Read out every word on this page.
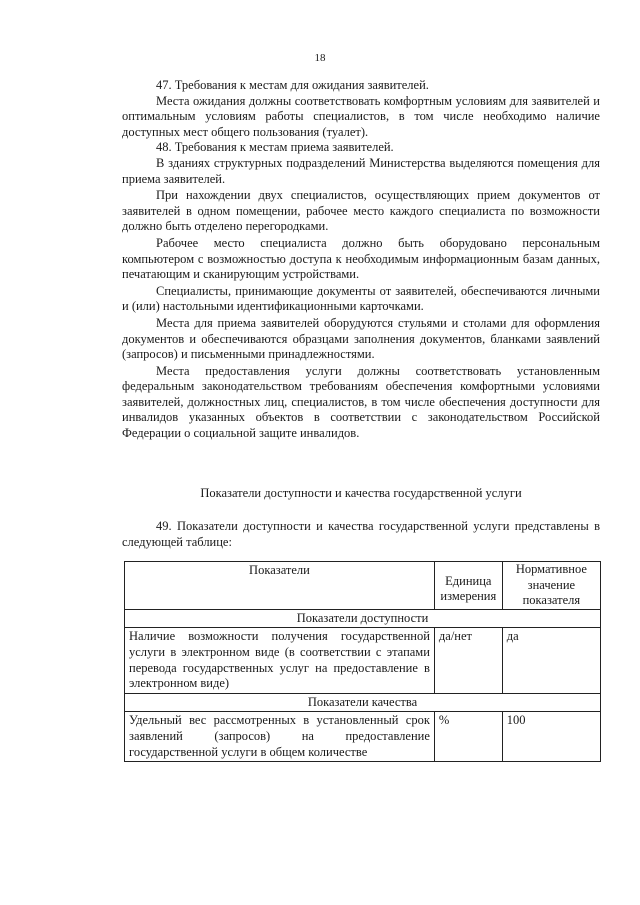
18

47. Требования к местам для ожидания заявителей.

Места ожидания должны соответствовать комфортным условиям для заявителей и оптимальным условиям работы специалистов, в том числе необходимо наличие доступных мест общего пользования (туалет).

48. Требования к местам приема заявителей.

В зданиях структурных подразделений Министерства выделяются помещения для приема заявителей.

При нахождении двух специалистов, осуществляющих прием документов от заявителей в одном помещении, рабочее место каждого специалиста по возможности должно быть отделено перегородками.

Рабочее место специалиста должно быть оборудовано персональным компьютером с возможностью доступа к необходимым информационным базам данных, печатающим и сканирующим устройствами.

Специалисты, принимающие документы от заявителей, обеспечиваются личными и (или) настольными идентификационными карточками.

Места для приема заявителей оборудуются стульями и столами для оформления документов и обеспечиваются образцами заполнения документов, бланками заявлений (запросов) и письменными принадлежностями.

Места предоставления услуги должны соответствовать установленным федеральным законодательством требованиям обеспечения комфортными условиями заявителей, должностных лиц, специалистов, в том числе обеспечения доступности для инвалидов указанных объектов в соответствии с законодательством Российской Федерации о социальной защите инвалидов.

Показатели доступности и качества государственной услуги
49. Показатели доступности и качества государственной услуги представлены в следующей таблице:
Показатели	Единица измерения	Нормативное значение показателя
Показатели доступности		
Наличие возможности получения государственной услуги в электронном виде (в соответствии с этапами перевода государственных услуг на предоставление в электронном виде)	да/нет	да
Показатели качества		
Удельный вес рассмотренных в установленный срок заявлений (запросов) на предоставление государственной услуги в общем количестве	%	100
